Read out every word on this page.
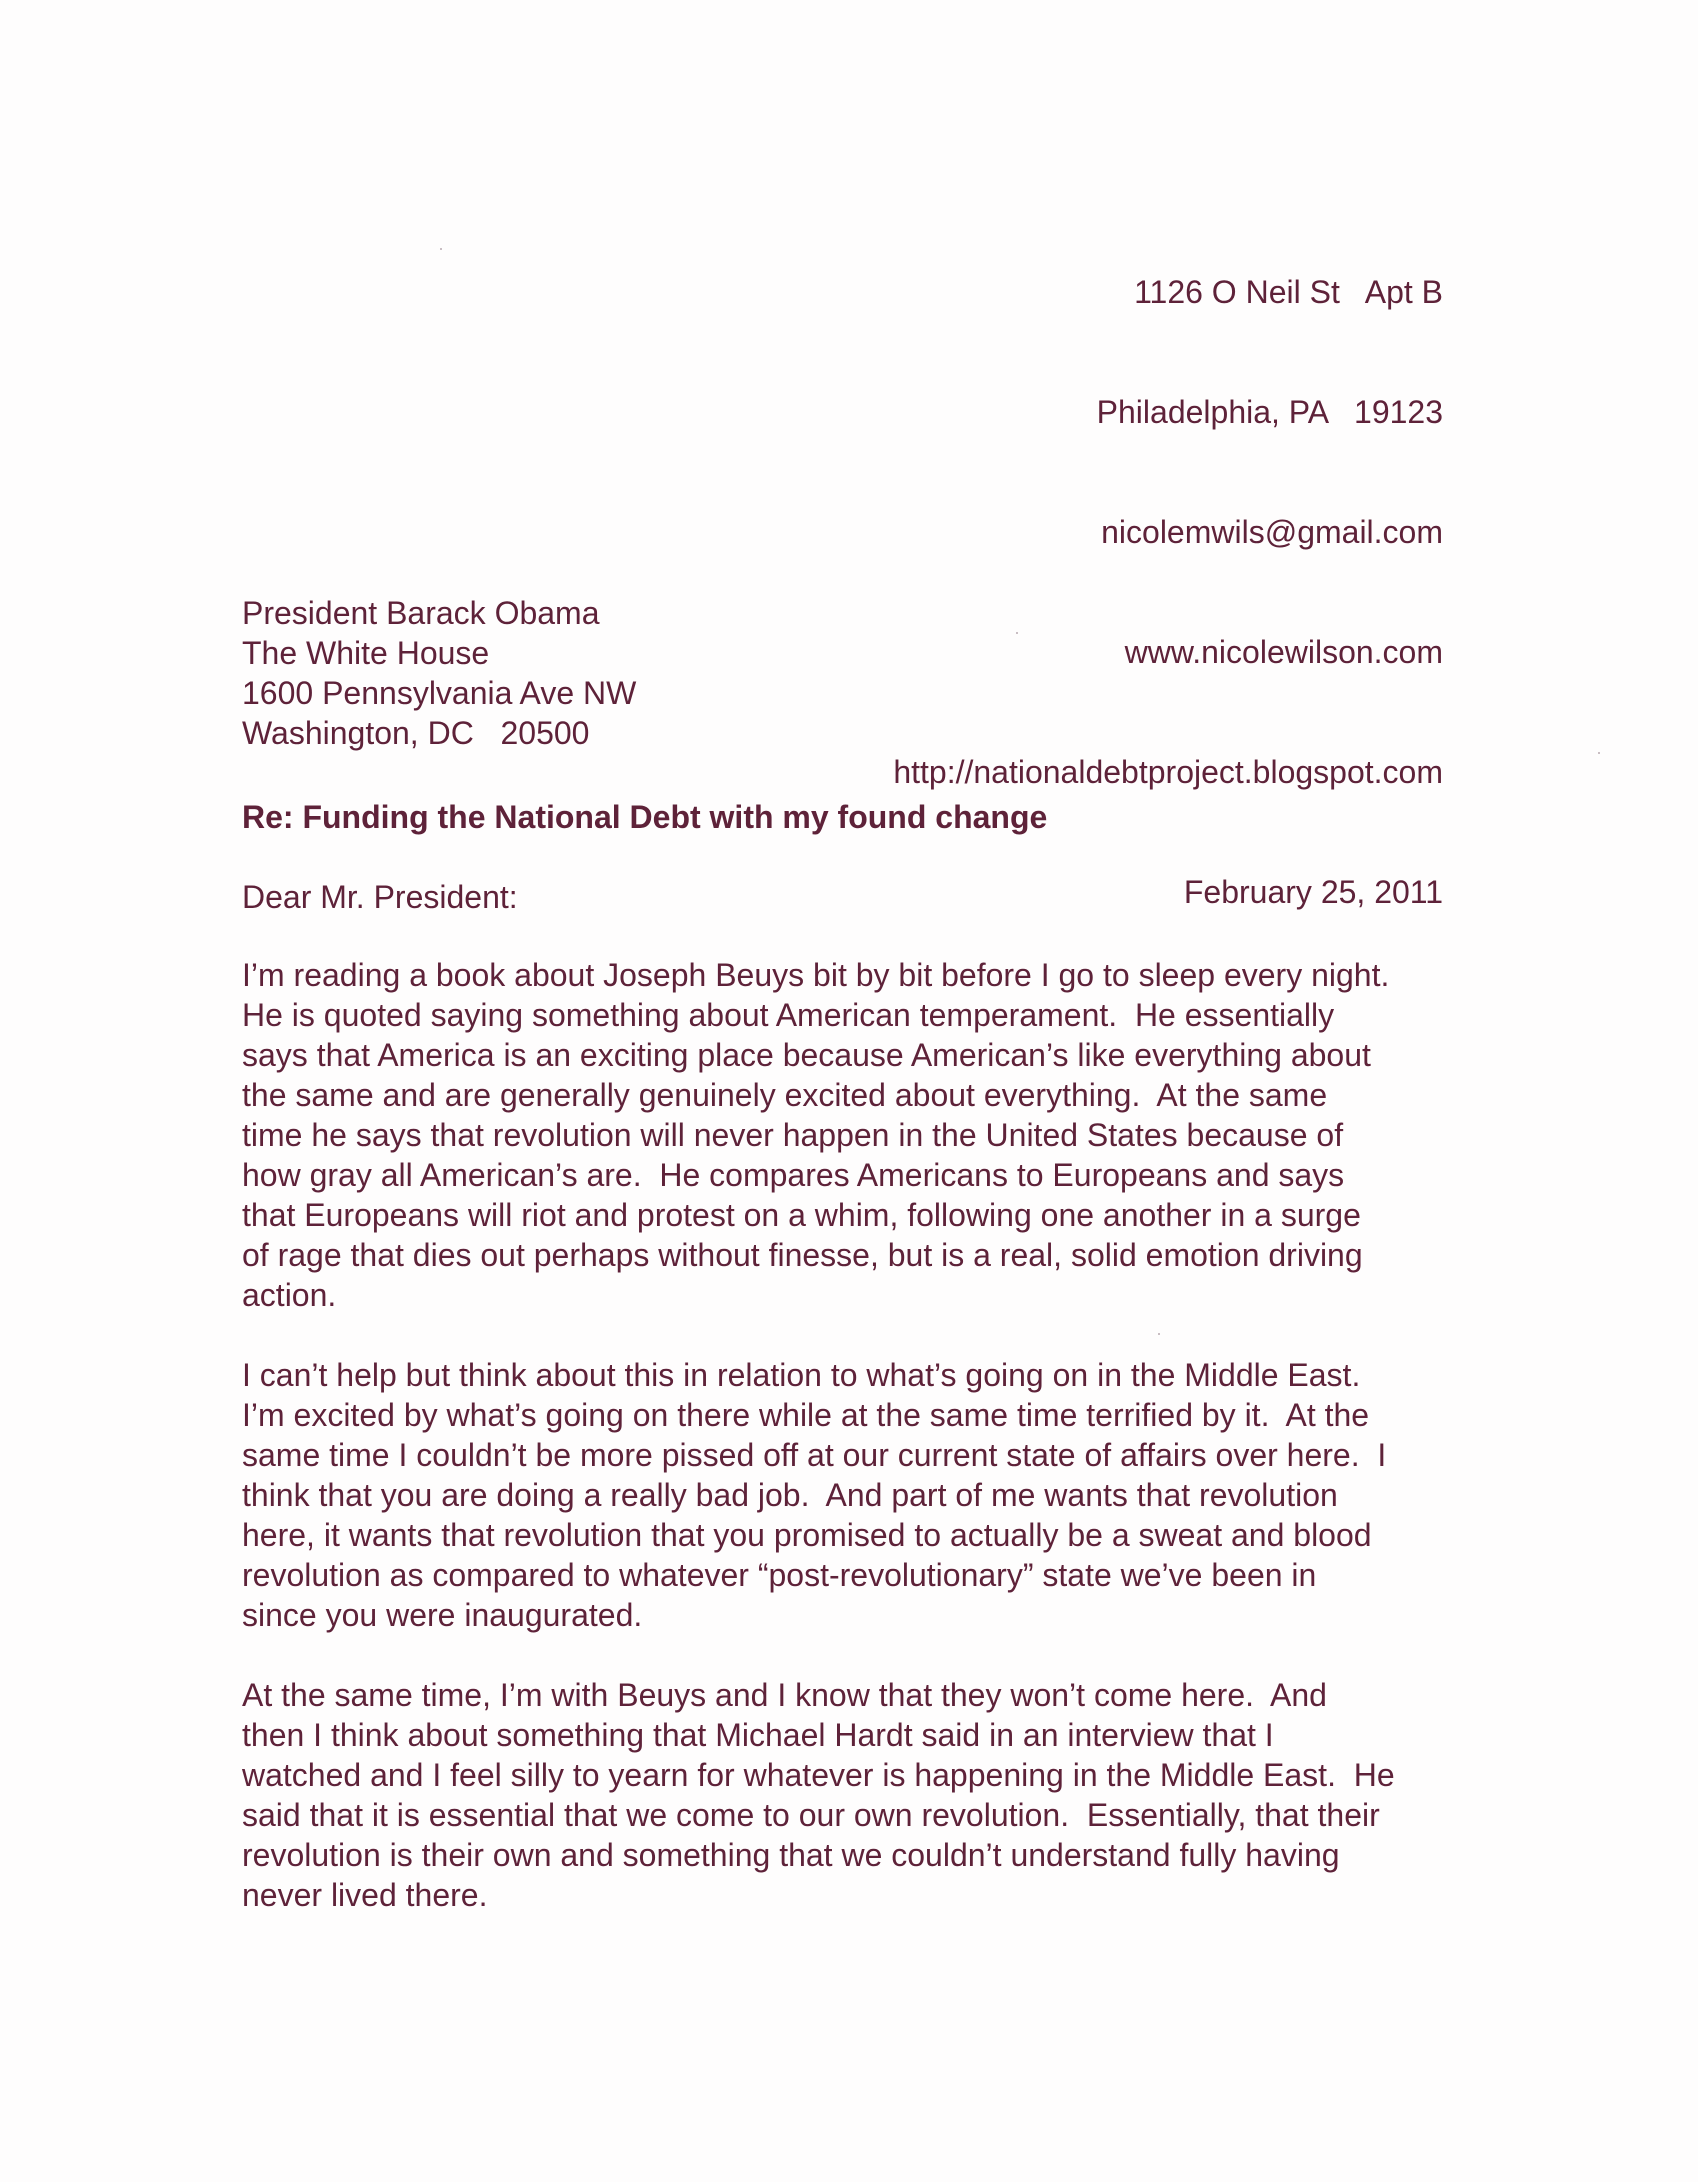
1126 O Neil St   Apt B

Philadelphia, PA   19123

nicolemwils@gmail.com

www.nicolewilson.com

http://nationaldebtproject.blogspot.com

February 25, 2011

President Barack Obama
The White House
1600 Pennsylvania Ave NW
Washington, DC   20500
Re: Funding the National Debt with my found change
Dear Mr. President:
I’m reading a book about Joseph Beuys bit by bit before I go to sleep every night.
He is quoted saying something about American temperament.  He essentially
says that America is an exciting place because American’s like everything about
the same and are generally genuinely excited about everything.  At the same
time he says that revolution will never happen in the United States because of
how gray all American’s are.  He compares Americans to Europeans and says
that Europeans will riot and protest on a whim, following one another in a surge
of rage that dies out perhaps without finesse, but is a real, solid emotion driving
action.
I can’t help but think about this in relation to what’s going on in the Middle East.
I’m excited by what’s going on there while at the same time terrified by it.  At the
same time I couldn’t be more pissed off at our current state of affairs over here.  I
think that you are doing a really bad job.  And part of me wants that revolution
here, it wants that revolution that you promised to actually be a sweat and blood
revolution as compared to whatever “post-revolutionary” state we’ve been in
since you were inaugurated.
At the same time, I’m with Beuys and I know that they won’t come here.  And
then I think about something that Michael Hardt said in an interview that I
watched and I feel silly to yearn for whatever is happening in the Middle East.  He
said that it is essential that we come to our own revolution.  Essentially, that their
revolution is their own and something that we couldn’t understand fully having
never lived there.
